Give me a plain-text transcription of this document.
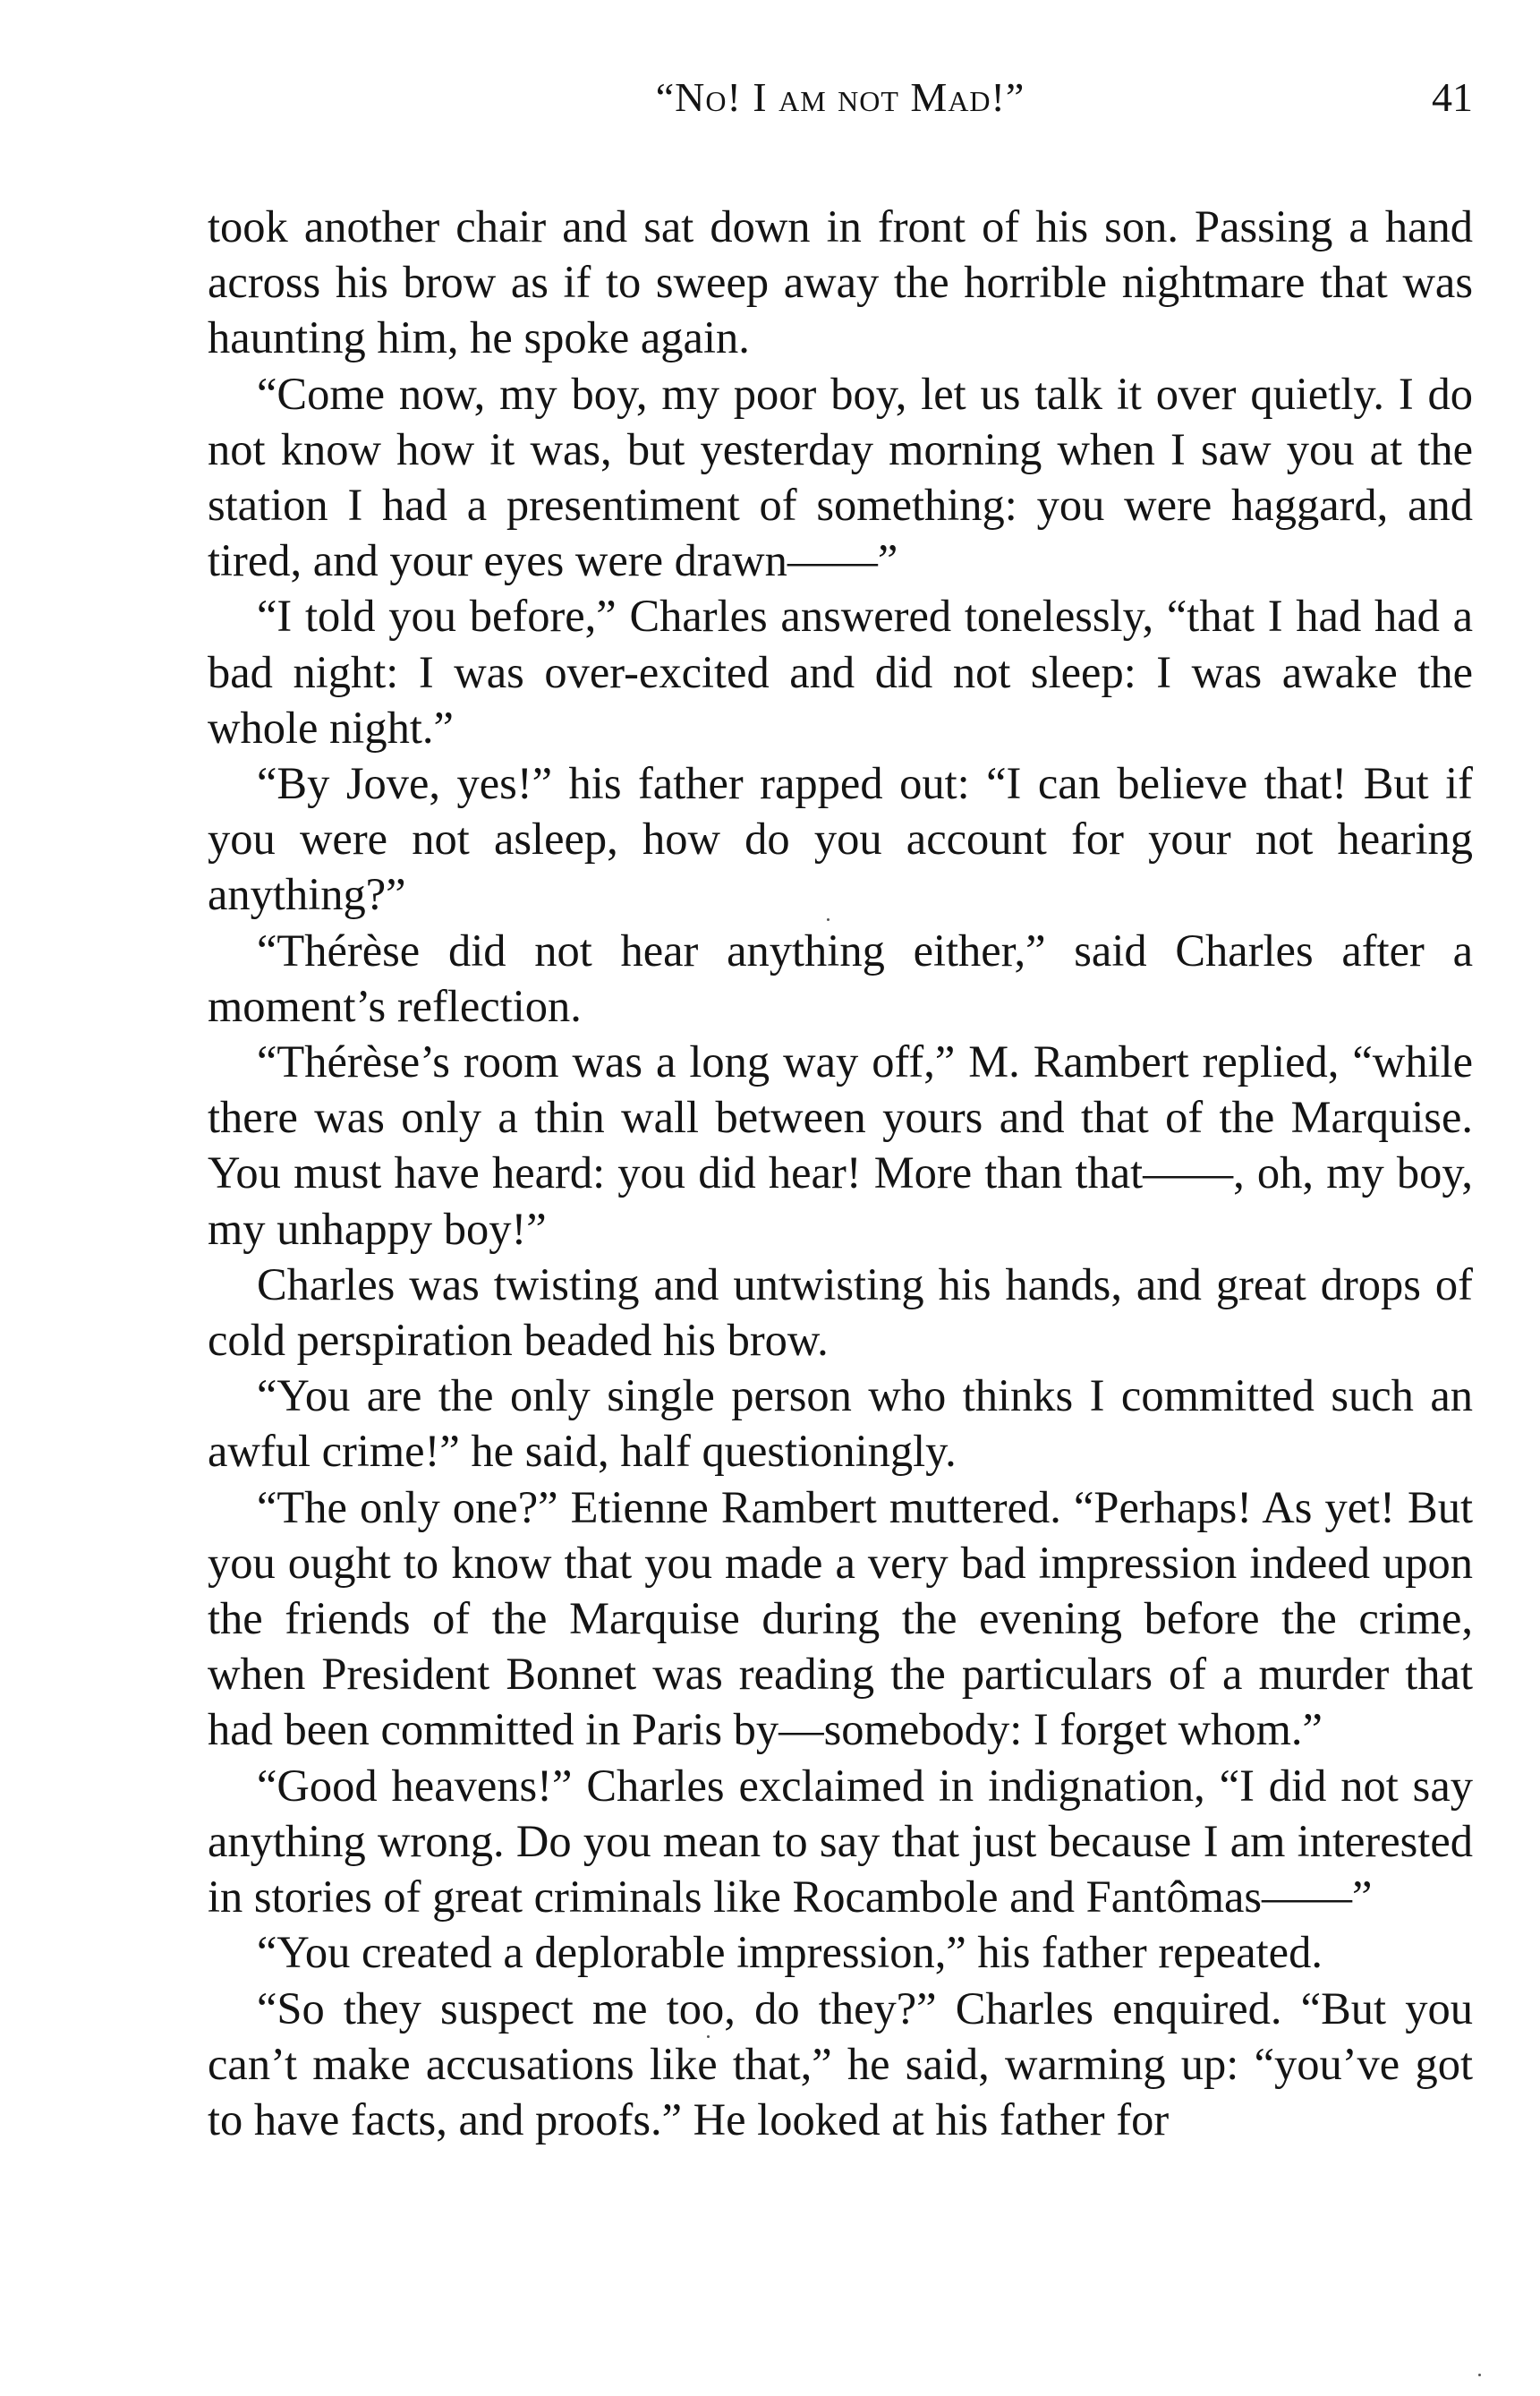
“No! I am not Mad!”	41

took another chair and sat down in front of his son. Passing a hand across his brow as if to sweep away the horrible nightmare that was haunting him, he spoke again.

“Come now, my boy, my poor boy, let us talk it over quietly. I do not know how it was, but yesterday morning when I saw you at the station I had a presentiment of something: you were haggard, and tired, and your eyes were drawn——”

“I told you before,” Charles answered tonelessly, “that I had had a bad night: I was over-excited and did not sleep: I was awake the whole night.”

“By Jove, yes!” his father rapped out: “I can believe that! But if you were not asleep, how do you account for your not hearing anything?”

“Thérèse did not hear anything either,” said Charles after a moment’s reflection.

“Thérèse’s room was a long way off,” M. Rambert replied, “while there was only a thin wall between yours and that of the Marquise. You must have heard: you did hear! More than that——, oh, my boy, my unhappy boy!”

Charles was twisting and untwisting his hands, and great drops of cold perspiration beaded his brow.

“You are the only single person who thinks I committed such an awful crime!” he said, half questioningly.

“The only one?” Etienne Rambert muttered. “Perhaps! As yet! But you ought to know that you made a very bad impression indeed upon the friends of the Marquise during the evening before the crime, when President Bonnet was reading the particulars of a murder that had been committed in Paris by—somebody: I forget whom.”

“Good heavens!” Charles exclaimed in indignation, “I did not say anything wrong. Do you mean to say that just because I am interested in stories of great criminals like Rocambole and Fantômas——”

“You created a deplorable impression,” his father repeated.

“So they suspect me too, do they?” Charles enquired. “But you can’t make accusations like that,” he said, warming up: “you’ve got to have facts, and proofs.” He looked at his father for
